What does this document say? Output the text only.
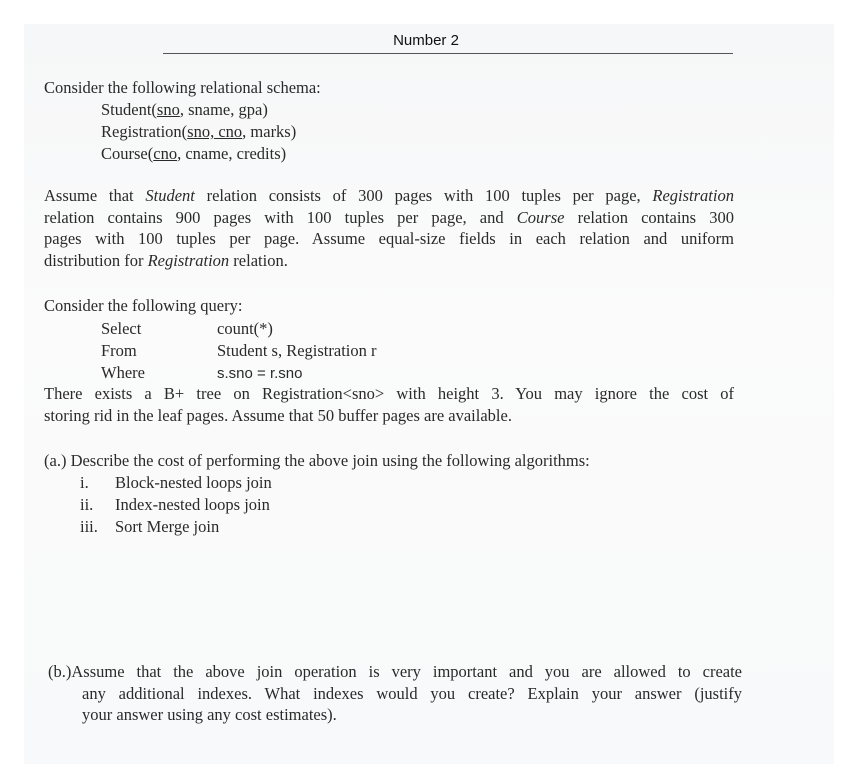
Number 2
Consider the following relational schema:
Student(sno, sname, gpa)
Registration(sno, cno, marks)
Course(cno, cname, credits)
Assume that Student relation consists of 300 pages with 100 tuples per page, Registration
relation contains 900 pages with 100 tuples per page, and Course relation contains 300
pages with 100 tuples per page. Assume equal-size fields in each relation and uniform
distribution for Registration relation.
Consider the following query:
Select	count(*)
From	Student s, Registration r
Where	s.sno = r.sno
There exists a B+ tree on Registration<sno> with height 3. You may ignore the cost of
storing rid in the leaf pages. Assume that 50 buffer pages are available.
(a.) Describe the cost of performing the above join using the following algorithms:
i. Block-nested loops join
ii. Index-nested loops join
iii. Sort Merge join
(b.)Assume that the above join operation is very important and you are allowed to create
any additional indexes. What indexes would you create? Explain your answer (justify
your answer using any cost estimates).
